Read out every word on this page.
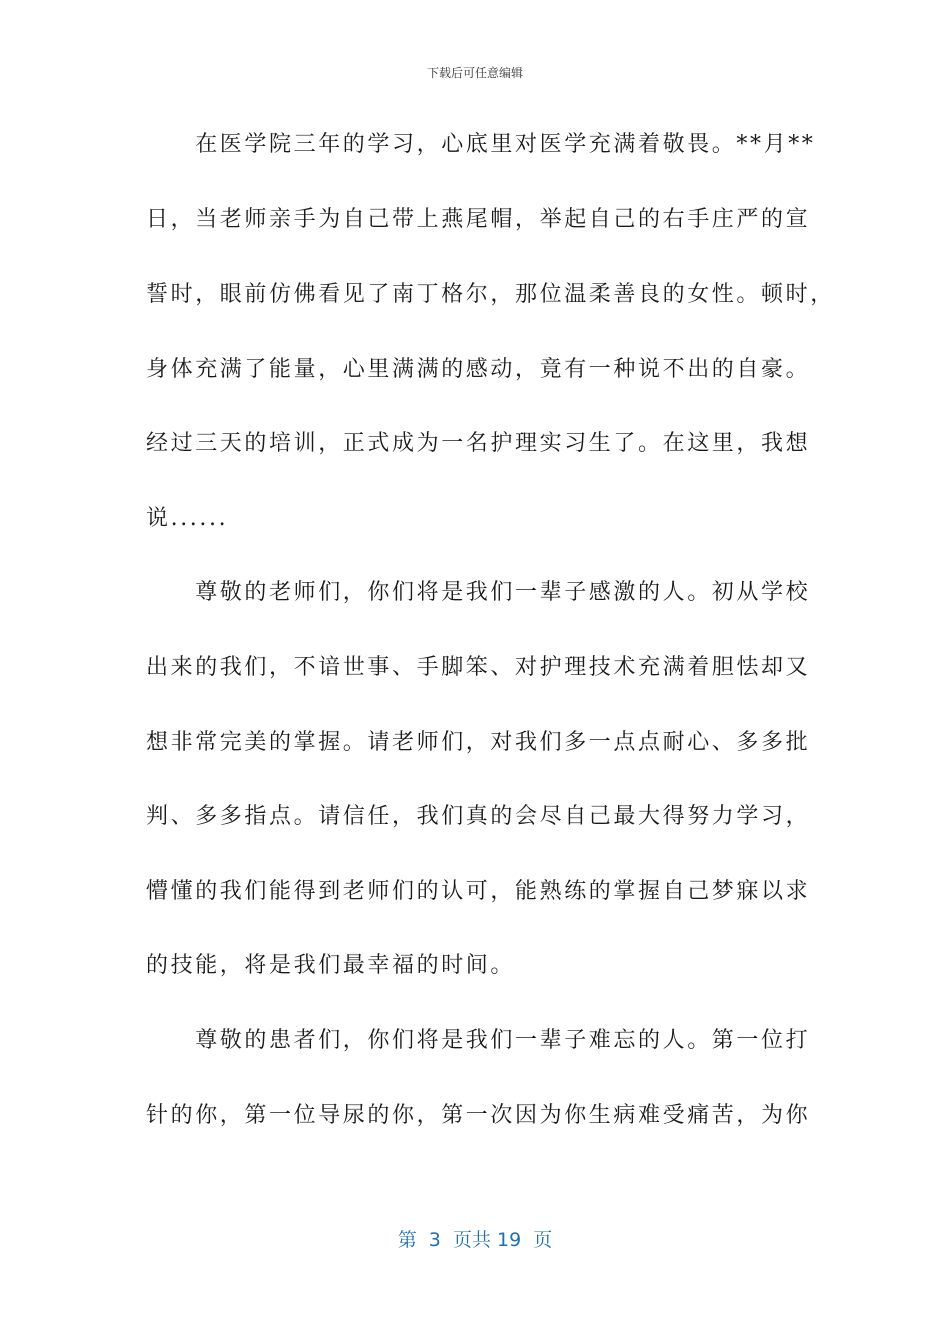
下载后可任意编辑
　　在医学院三年的学习，心底里对医学充满着敬畏。**月**
日，当老师亲手为自己带上燕尾帽，举起自己的右手庄严的宣
誓时，眼前仿佛看见了南丁格尔，那位温柔善良的女性。顿时，
身体充满了能量，心里满满的感动，竟有一种说不出的自豪。
经过三天的培训，正式成为一名护理实习生了。在这里，我想
说......
　　尊敬的老师们，你们将是我们一辈子感激的人。初从学校
出来的我们，不谙世事、手脚笨、对护理技术充满着胆怯却又
想非常完美的掌握。请老师们，对我们多一点点耐心、多多批
判、多多指点。请信任，我们真的会尽自己最大得努力学习，
懵懂的我们能得到老师们的认可，能熟练的掌握自己梦寐以求
的技能，将是我们最幸福的时间。
　　尊敬的患者们，你们将是我们一辈子难忘的人。第一位打
针的你，第一位导尿的你，第一次因为你生病难受痛苦，为你
第  3  页共 19  页
